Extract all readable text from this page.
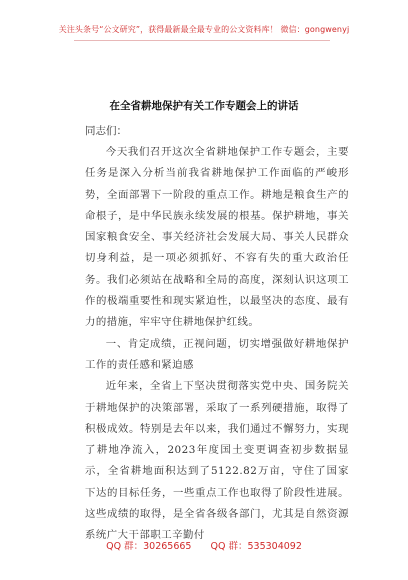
关注头条号“公文研究”，获得最新最全最专业的公文资料库！ 微信：gongwenyj
在全省耕地保护有关工作专题会上的讲话
同志们：

今天我们召开这次全省耕地保护工作专题会，主要任务是深入分析当前我省耕地保护工作面临的严峻形势，全面部署下一阶段的重点工作。耕地是粮食生产的命根子，是中华民族永续发展的根基。保护耕地，事关国家粮食安全、事关经济社会发展大局、事关人民群众切身利益，是一项必须抓好、不容有失的重大政治任务。我们必须站在战略和全局的高度，深刻认识这项工作的极端重要性和现实紧迫性，以最坚决的态度、最有力的措施，牢牢守住耕地保护红线。

一、肯定成绩，正视问题，切实增强做好耕地保护工作的责任感和紧迫感

近年来，全省上下坚决贯彻落实党中央、国务院关于耕地保护的决策部署，采取了一系列硬措施，取得了积极成效。特别是去年以来，我们通过不懈努力，实现了耕地净流入，2023年度国土变更调查初步数据显示，全省耕地面积达到了5122.82万亩，守住了国家下达的目标任务，一些重点工作也取得了阶段性进展。这些成绩的取得，是全省各级各部门，尤其是自然资源系统广大干部职工辛勤付

QQ 群：30265665 QQ 群：535304092
